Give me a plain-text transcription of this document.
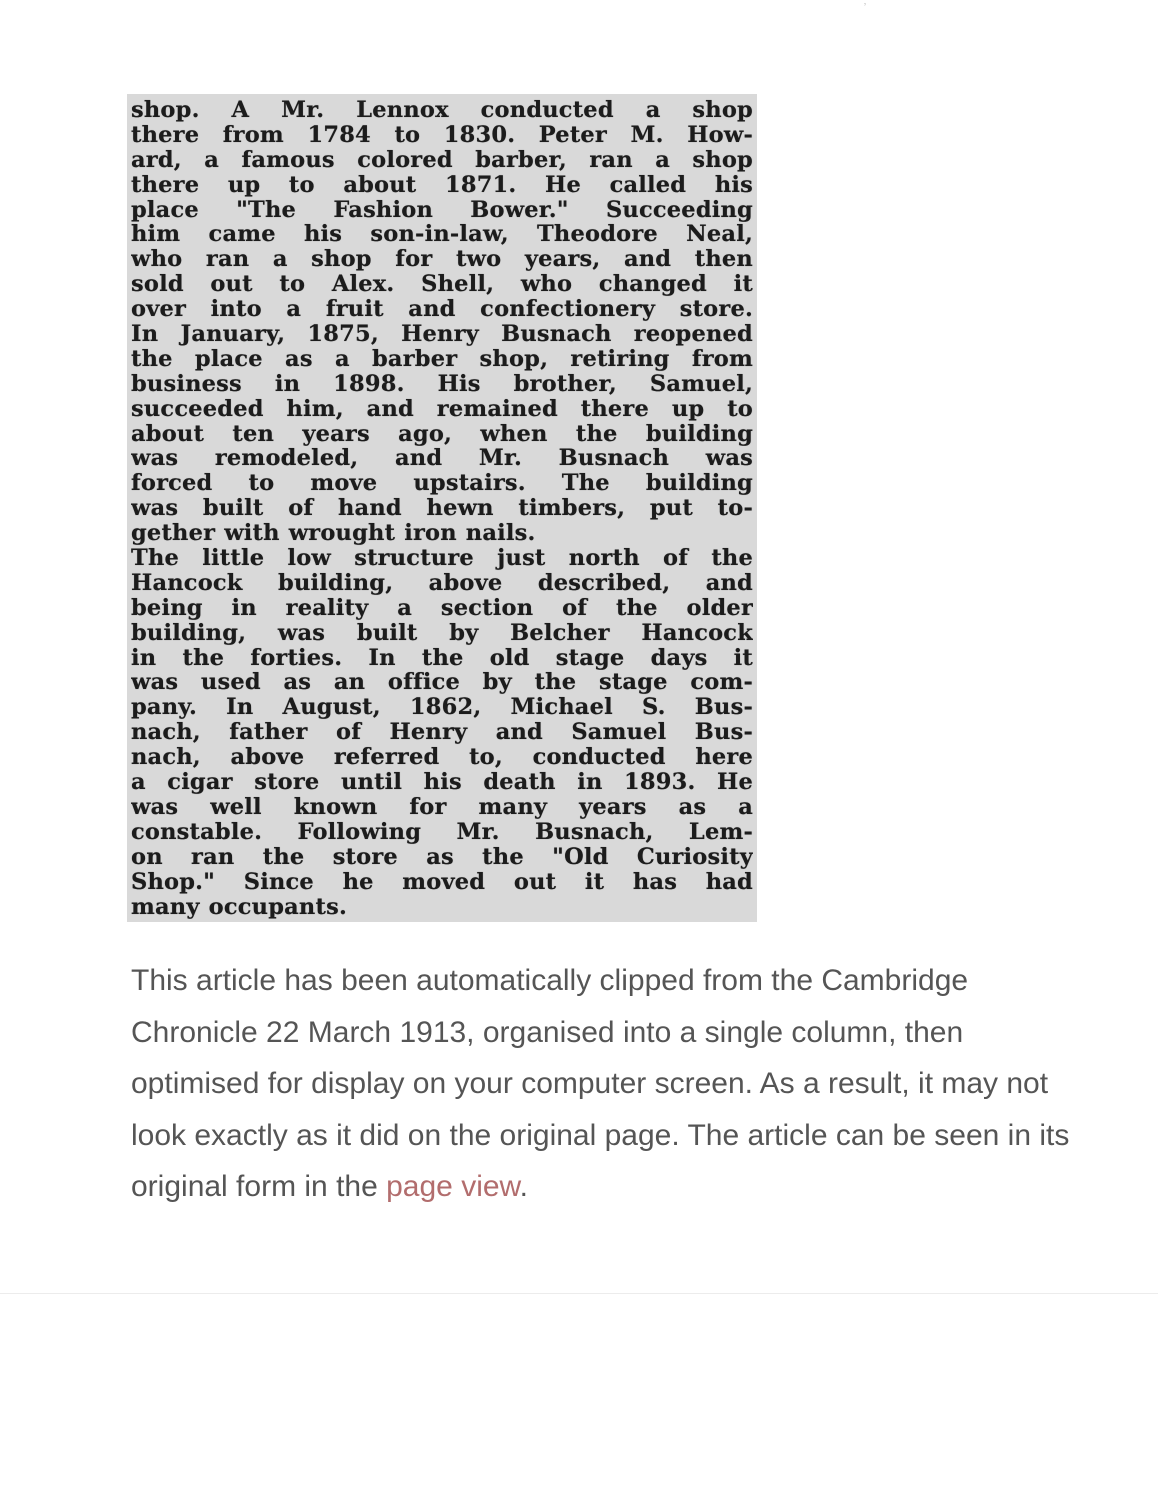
᾽
shop. A Mr. Lennox conducted a shop
there from 1784 to 1830. Peter M. How-
ard, a famous colored barber, ran a shop
there up to about 1871. He called his
place "The Fashion Bower." Succeeding
him came his son-in-law, Theodore Neal,
who ran a shop for two years, and then
sold out to Alex. Shell, who changed it
over into a fruit and confectionery store.
In January, 1875, Henry Busnach reopened
the place as a barber shop, retiring from
business in 1898. His brother, Samuel,
succeeded him, and remained there up to
about ten years ago, when the building
was remodeled, and Mr. Busnach was
forced to move upstairs. The building
was built of hand hewn timbers, put to-
gether with wrought iron nails.
The little low structure just north of the
Hancock building, above described, and
being in reality a section of the older
building, was built by Belcher Hancock
in the forties. In the old stage days it
was used as an office by the stage com-
pany. In August, 1862, Michael S. Bus-
nach, father of Henry and Samuel Bus-
nach, above referred to, conducted here
a cigar store until his death in 1893. He
was well known for many years as a
constable. Following Mr. Busnach, Lem-
on ran the store as the "Old Curiosity
Shop." Since he moved out it has had
many occupants.
This article has been automatically clipped from the Cambridge Chronicle 22 March 1913, organised into a single column, then optimised for display on your computer screen. As a result, it may not look exactly as it did on the original page. The article can be seen in its original form in the page view.
